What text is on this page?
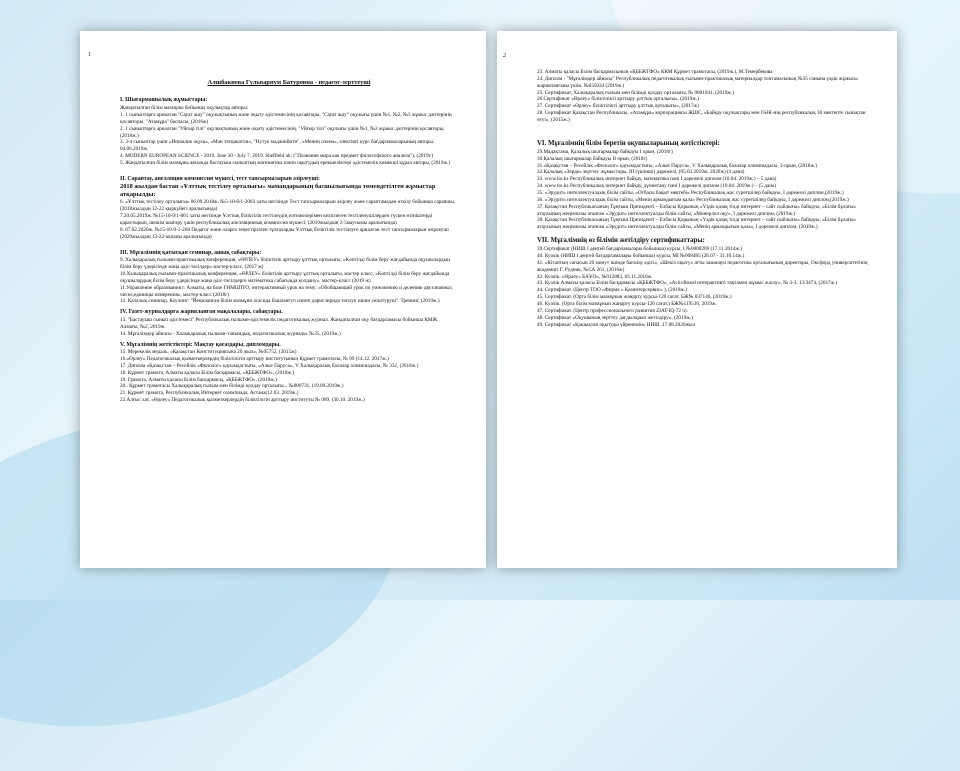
1
Алшбакиева Гульварнум Батуровна - педагог-зерттеуші
I. Шығармашылық жұмыстары:

Жандатылған білім мазмұны бойынша оқулықтар авторы:

1. 1 сыныптарға арналған "Сауат ашу" оқулықтының және оқыту әдістемесінің қосавторы, "Сауат ашу" оқулығы үшін №1, №2, №3 жұмыс дәптерінің қосавторы. "Атамұра" баспасы, (2016ж)

2. 1 сыныптарға арналған "Уйғыр тілі" оқулықтының және оқыту әдістемесінің, "Уйғыр тілі" оқулығы үшін №1, №2 жұмыс дәптерінің қосавторы, (2018ж.)

3. 3-4 сыныптар үшін «Иншалик оқуш», «Мән тәтқикатчи», "Нутук мәдәнийити", «Мениң оләмә», электівті курс бағдарламаларының авторы. 04.06.2019ж.

4. MODERN EUROPEAN SCIENCE - 2019. June 30 - July 7, 2019. Sheffield uk: ("Познания мира как предмет философского анализа"), (2019г.)

5. Жандатылған білім мазмұны аясында бастауыш сыныптың математика пәнін оқытудың ерекшеліктері әдістемелік көмекші құрал авторы, (2019ж.)

II. Сараптау, апелляция коммиссия мүшесі, тест тапсырмаларын әзірлеуші:
2018 жылдан бастап «Ұлттық тестілеу орталығы» мамандарының басшылығында төмендетілген жұмыстар атқарылды:

6. «Ұлттық тестілеу орталығы» 06.09.2018ж. №5-10-б/1-2083 хаты негізінде Тест тапсырмаларын әзірлеу және сараптамадан өткізу бойынша сарапшы, (2018жылдың 12-22 қыркүйегі аралығында)

7.20.05.2019ж. №15-10-9/1-861 хаты негізінде Ұлттық біліктілік тестілеудің нәтижелерімен келіспеген тестіленушілерден түскен өтініштерді қарастырып, шешім шығару үшін республикалық апелляциялық коммиссия мүшесі; (2019жылдың 2-5маусымы аралығында)

8. 07.02.2020ж. №15-10-9-1-268 Педагог және оларға теңестірілген тұлғаларды Ұлттық біліктілік тестілеуге арналған тест тапсырмаларын әзірлеуші (2020жылдың 13-22-ақпаны аралығында)

III. Мұғалімнің қатысқан семинар, ашық сабақтары:

9. Халықаралық ғылыми-практикалық конференция, «ӨРЛЕУ» біліктілік арттыру ұлттық орталығы, «Көптілді білім беру жағдайында оқушылардың білім беру үдерісінде жаңа әдіс-тәсілдер» мастер-класс, (2017 ж)

10.Халықаралық ғылыми-практикалық конференция, «ӨРЛЕУ» біліктілік арттыру ұлттық орталығы, мастер класс, «Көптілді білім беру жағдайында оқушылардың білім беру үдерісінде жаңа әдіс-тәсілдерге математика сабағында қолдану», мастер-класс (2019 ж)

11.Управление образования г. Алматы, на базе ГНМЦПТО, интерактивный урок на тему: «Обобщающий урок по умножению и делению двухзначных чисел,единицы измерения», мастер-класс (2018г)

12. Қалалық семинар, Коучинг: "Йеңиланған білім мазмұни асасида башланғуч синип дәрислиридә топлук ишни уюштуруш". Тренинг, (2019ж.)

IV. Газет-журналдарға жарияланған мақалалары, сабақтары.

13. "Бастауыш сынып әдістемесі" Республикалық ғылыми-әдістемелік педагогикалық журнал. Жандатылған оқу бағдарламасы бойынша ҚМЖ. Алматы, №2, 2019ж.

14. Мұғалімдер айнасы - Халықаралық ғылыми-танымдық, педагогикалық журналы. №35, (2019ж.)

V. Мұғалімнің жетістіктері: Мақтау қағаздары, дипломдары.

15. Мерекелік медаль, «Қазақстан Конституциясына 20 жыл», №05752, (2015ж)

16.«Өрлеу» Педагогикалық қызметкерлердің біліктілігін арттыру институтының Құрмет грамотасы, № 09 (14.12. 2017ж.)

17. Диплом «Қазақстан – Ресейлік «Филолог» қауымдастығы, «Алые Паруса», V Халықаралық балалар олимпиадасы, № 332, (2018ж.)

18. Құрмет грамота, Алматы қаласы Білім басқармасы, «ҚББЖТФО», (2018ж.)

19. Грамота, Алматы қаласы Білім басқармасы, «ҚББЖТФО», (2018ж.)

20.. Құрмет грамотасы Халықаралық ғылым мен білімді қолдау орталығы... №000731, (19.09.2019ж.)

21. Құрмет грамота, Республикалық Интернет олимпиада, Астана(12.03. 2019ж.)

22.Алғыс хат, «Өрлеу» Педагогикалық қызметкерлердің біліктілігін арттыру институты № 089, (30.10. 2019ж.)

2

23. Алматы қаласы Білім басқармасының «ҚББЖТФО» ККМ Құрмет грамотасы, (2019ж.), М.Темербекова

24. Диплом - "Мұғалімдер айнасы" Республикалық педагогикалық ғылыми-практикалық материалдар топтамасының №35 санына үздік жұмысы жарияланғаны үшін. №035034 (2019ж.)

25. Сертификат, Халықаралық ғылым мен білімді қолдау орталығы, № 0001041, (2019ж.)

26.Сертификат «Өрлеу» біліктілікті арттыру ұлттық орталығы», (2019ж.)

27. Сертификат «Өрлеу» біліктілікті арттыру ұлттық орталығы», (2017ж)

28. Сертификат Қазақстан Республикасы, «Атамұра» корпорациясы ЖШС, «Байқау оқулықтары мен ОӘК-нің республикалық 30 мектепте сынақтан өтуі», (2015ж.)

VI. Мұғалімнің білім беретін оқушыларының жетістіктері:

29.Мадақтама, Қалалық шығармалар байқауы І орын, (2018г)

30.Қалалық шығармалар байқауы ІІ орын, (2018г)

31.«Қазақстан – Ресейлік «Филолог» қауымдастығы, «Алые Паруса», V Халықаралық балалар олимпиадасы, 3-орын, (2018ж.)

32.Қалалық «Зерде» зерттеу жұмыстары, ІІІ (үшінші) дәрежелі, (05.03.2019ж, 2020ж) (3 дана)

33. www.tio.kz Республикалық интернет байқау, математика пәні І дәрежелі диплом (10.04. 2019ж.) – 5 дана)

34. www.tio.kz Республикалық интернет байқау, дүниетану пәні І дәрежелі диплом (10.04. 2019ж.) – (5 дана)

35. «Эрудит» интеллектуалдық білім сайты, «Отбасы бақыт мектебі» Республикалық жас суретшілер байқауы, І дәрежелі диплом,(2019ж.)

36. «Эрудит» интеллектуалдық білім сайты, «Менің армандығым қала» Республикалық жас суретшілер байқауы, І дәрежелі диплом,(2019ж.)

37. Қазақстан Республикасының Тұңғыш Президенті – Елбасы Қорының «Үздік қазақ тілді интернет – сайт сыйлығы» байқауы, «Білім бұлағы» атаулының жеңімпазы атанған «Эрудит» интеллектуалды білім сайты, «Минерлол оқу», І дәрежелі диплом, (2019ж.)

38. Қазақстан Республикасының Тұңғыш Президенті – Елбасы Қорының «Үздік қазақ тілді интернет – сайт сыйлығы» байқауы, «Білім бұлағы» атаулының жеңімпазы атанған «Эрудит» интеллектуалды білім сайты, «Менің армандығым қала», І дәрежелі диплом, (2019ж.)

VII. Мұғалімнің өз білімін жетілдіру сертификаттары:

39.Сертификат (НИШ І деңгей бағдарламалары бойынша) курсы, І №0000269 (17.11.2014ж.)

40. Куәлік (НИШ І деңгей бағдарламалары бойынша) курсы, МІ №008485 (28.07 - 31.10.14ж.)

41. «Кітаптың сапасын 20 минут ішінде бағалау әдісі», «Шекіз оқыту» атты заманауи педагогика орталығының директоры, Оксфорд университетінің академигі Г. Рудник, №СА 261, (2016ж)

42. Куәлік. «Өрлеу» БАҰО», №012883, 03.11.2016ж.

43. Куәлік Алматы қаласы Білім басқармасы «ҚББЖТФО», «ActivBoard интерактивті тақтамен жұмыс жасау», № 3-3. 13/3474, (2017ж.)

44. Сертификат. (Центр ТОО «Фирма « Қазинтерсервис» ), (2018ж.)

45. Сертификат. (Орта білім мазмұнын жаңарту курсы-120 сағат. БЖ№ 037146, (2019ж.)

46. Куәлік. (Орта білім мазмұнын жаңарту курсы-120 сағат.) БЖ№119516, 2019ж.

47. Сертификат. (Центр профессионального развития ZIAT-IQ-72 ч).

48. Сертификат «Оқушының зерттеу дағдыларын жетілдіру», (2019ж.)

49. Сертификат «Қашықтан оқытуды үйренемін» НИШ .17.08.2020жыл
